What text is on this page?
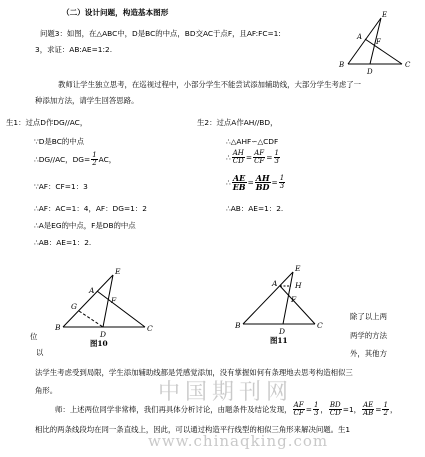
（二）设计问题，构造基本图形
问题3：如图，在△ABC中，D是BC的中点，BD交AC于点F，且AF:FC=1:
3，求证：AB:AE=1:2.
E
A
F
B
D
C
教师让学生独立思考，在巡视过程中，小部分学生不能尝试添加辅助线，大部分学生考虑了一
种添加方法，请学生回答思路。
生1：过点D作DG//AC，
∵D是BC的中点
∴DG//AC，$DG= \frac{1}{2}$ AC，
∵AF：CF=1：3
∴AF：AC=1：4，AF：DG=1：2
∴A是EG的中点，F是DB的中点
∴AB：AE=1：2.
生2：过点A作AH//BD，
∴△AHF∽△CDF
∴ $\frac{AH}{CD} = \frac{AF}{CF} = \frac{1}{3}$
∴ $\frac{AE}{EB} = \frac{AH}{BD} = \frac{1}{3}$
∴AB：AE=1：2.
E
A
G
F
B
D
C
图10
E
H
A
F
B
D
C
图11
位
以
除了以上两
两学的方法
外，其他方
法学生考虑受到局限，学生添加辅助线都是凭感觉添加，没有掌握如何有条理地去思考构造相似三
角形。	中国期刊网
www.chinaqking.com
师：上述两位同学非常棒，我们再具体分析讨论，由题条件及结论发现， $\frac{AF}{CF} = \frac{1}{3}$ ， $\frac{BD}{CD} =1$， $\frac{AE}{AB} = \frac{1}{2}$ ，
相比的两条线段均在同一条直线上，因此，可以通过构造平行线型的相似三角形来解决问题。生1
